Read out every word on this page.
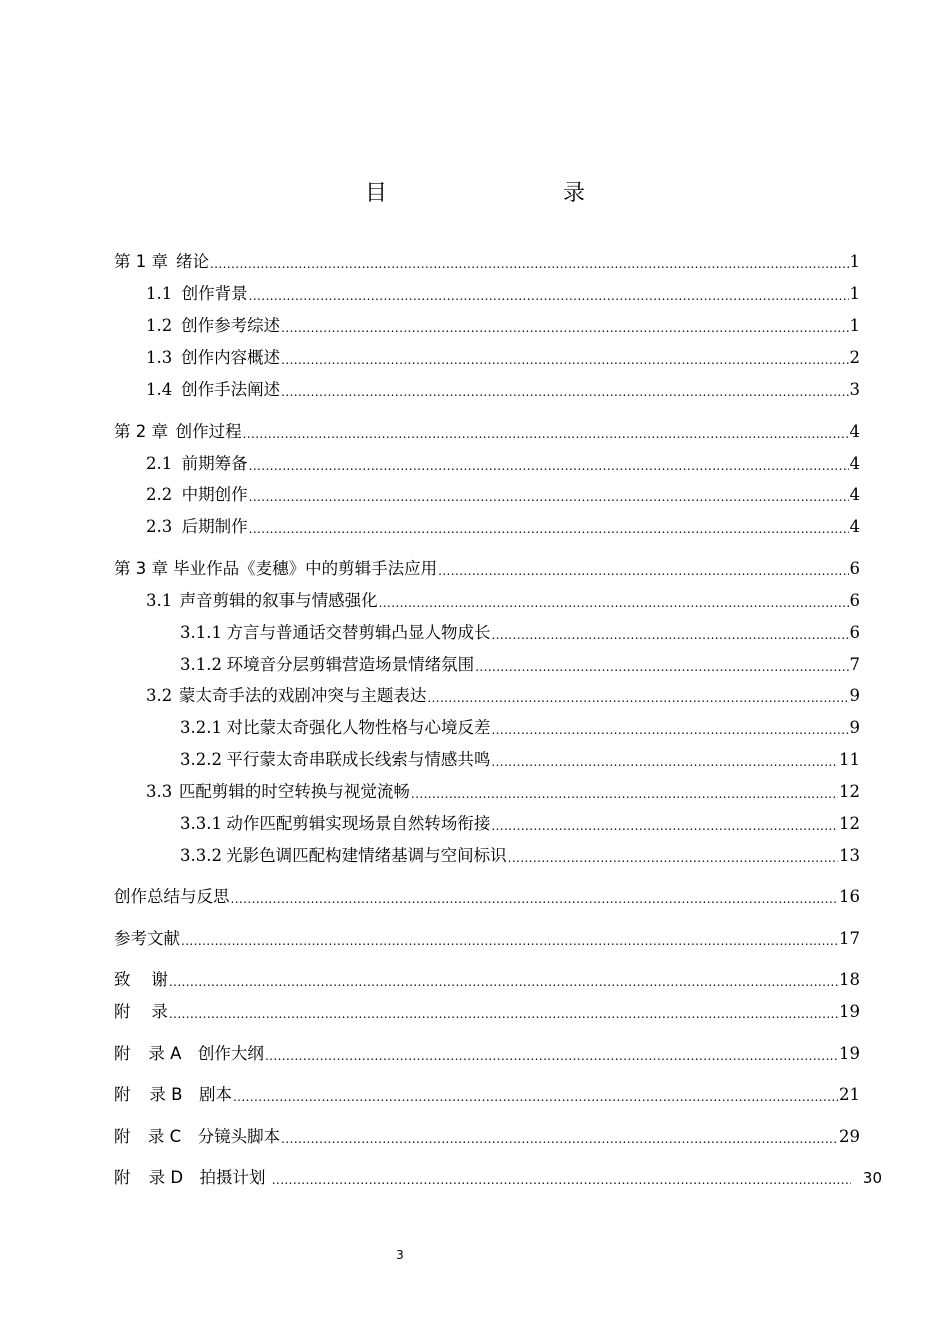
目　　录
第 1 章 绪论 .....	1
1.1 创作背景 .....	1
1.2 创作参考综述 .....	1
1.3 创作内容概述 .....	2
1.4 创作手法阐述 .....	3
第 2 章 创作过程 .....	4
2.1 前期筹备 .....	4
2.2 中期创作 .....	4
2.3 后期制作 .....	4
第 3 章 毕业作品《麦穗》中的剪辑手法应用 .....	6
3.1 声音剪辑的叙事与情感强化 .....	6
3.1.1 方言与普通话交替剪辑凸显人物成长 .....	6
3.1.2 环境音分层剪辑营造场景情绪氛围 .....	7
3.2 蒙太奇手法的戏剧冲突与主题表达 .....	9
3.2.1 对比蒙太奇强化人物性格与心境反差 .....	9
3.2.2 平行蒙太奇串联成长线索与情感共鸣 .....	11
3.3 匹配剪辑的时空转换与视觉流畅 .....	12
3.3.1 动作匹配剪辑实现场景自然转场衔接 .....	12
3.3.2 光影色调匹配构建情绪基调与空间标识 .....	13
创作总结与反思 .....	16
参考文献 .....	17
致 谢 .....	18
附 录 .....	19
附 录 A　创作大纲 .....	19
附 录 B　剧本 .....	21
附 录 C　分镜头脚本 .....	29
附 录 D　拍摄计划 .....	30
3
